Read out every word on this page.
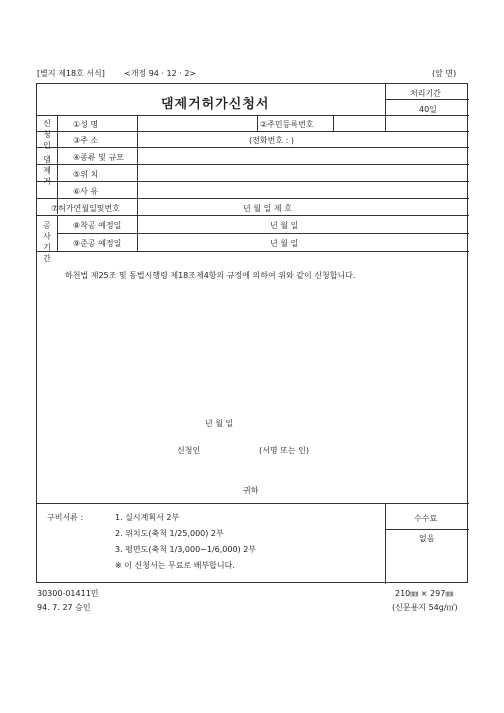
[별지 제18호 서식] <개정 94 · 12 · 2>	(앞 면)
댐제거허가신청서
처리기간
40일
신청인
①성 명	②주민등록번호
③주 소	(전화번호 : )
댐제거
④종류 및 규모
⑤위 치
⑥사 유
⑦허가연월일및번호	년 월 일 제 호
공사기간
⑧착공 예정일	년 월 일
⑨준공 예정일	년 월 일
하천법 제25조 및 동법시행령 제18조제4항의 규정에 의하여 위와 같이 신청합니다.
년 월 일
신청인	(서명 또는 인)
귀하
구비서류 :	1. 실시계획서 2부
2. 위치도(축척 1/25,000) 2부
3. 평면도(축척 1/3,000∼1/6,000) 2부
※ 이 신청서는 무료로 배부합니다.
수수료
없음
30300-01411민
94. 7. 27 승인
210㎜ × 297㎜
(신문용지 54g/㎡)
